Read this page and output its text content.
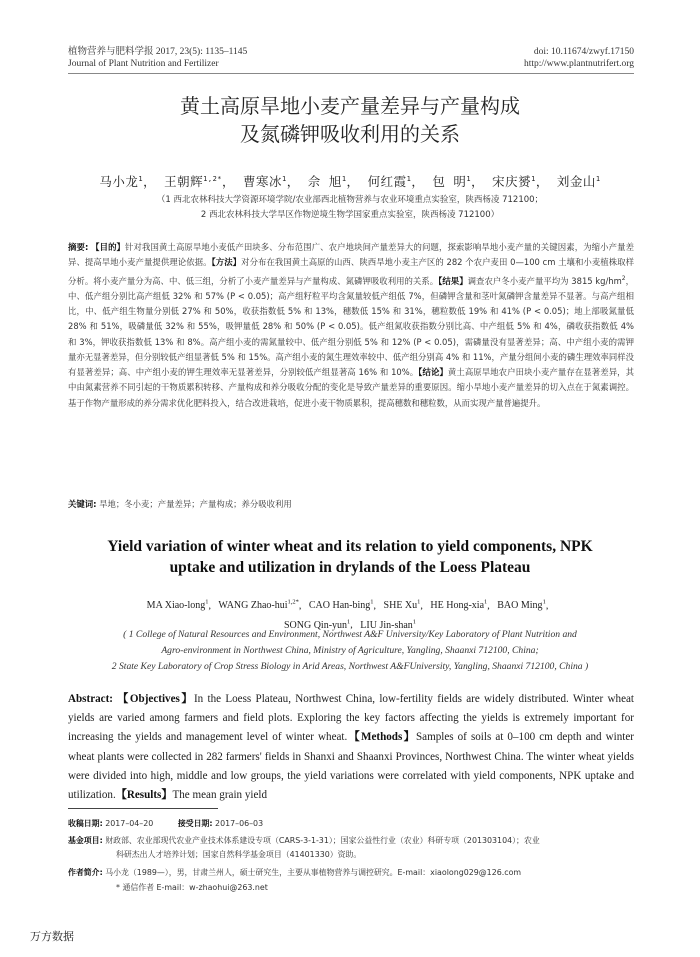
植物营养与肥料学报 2017, 23(5): 1135–1145
Journal of Plant Nutrition and Fertilizer
doi: 10.11674/zwyf.17150
http://www.plantnutrifert.org
黄土高原旱地小麦产量差异与产量构成
及氮磷钾吸收利用的关系
马小龙$^1$， 王朝辉$^{1,2*}$， 曹寒冰$^1$， 佘 旭$^1$， 何红霞$^1$， 包 明$^1$， 宋庆赟$^1$， 刘金山$^1$
（1 西北农林科技大学资源环境学院/农业部西北植物营养与农业环境重点实验室，陕西杨凌 712100；
2 西北农林科技大学旱区作物逆境生物学国家重点实验室，陕西杨凌 712100）
摘要: 【目的】针对我国黄土高原旱地小麦低产田块多、分布范围广、农户地块间产量差异大的问题，探索影响旱地小麦产量的关键因素，为缩小产量差异、提高旱地小麦产量提供理论依据。【方法】对分布在我国黄土高原的山西、陕西旱地小麦主产区的 282 个农户麦田 0—100 cm 土壤和小麦植株取样分析。将小麦产量分为高、中、低三组，分析了小麦产量差异与产量构成、氮磷钾吸收利用的关系。【结果】调查农户冬小麦产量平均为 3815 $kg/hm^2$，中、低产组分别比高产组低 32% 和 57% (P < 0.05)；高产组籽粒平均含氮量较低产组低 7%，但磷钾含量和茎叶氮磷钾含量差异不显著。与高产组相比，中、低产组生物量分别低 27% 和 50%，收获指数低 5% 和 13%，穗数低 15% 和 31%，穗粒数低 19% 和 41% (P < 0.05)；地上部吸氮量低 28% 和 51%，吸磷量低 32% 和 55%，吸钾量低 28% 和 50% (P < 0.05)。低产组氮收获指数分别比高、中产组低 5% 和 4%，磷收获指数低 4% 和 3%，钾收获指数低 13% 和 8%。高产组小麦的需氮量较中、低产组分别低 5% 和 12% (P < 0.05)，需磷量没有显著差异；高、中产组小麦的需钾量亦无显著差异，但分别较低产组显著低 5% 和 15%。高产组小麦的氮生理效率较中、低产组分别高 4% 和 11%，产量分组间小麦的磷生理效率同样没有显著差异；高、中产组小麦的钾生理效率无显著差异，分别较低产组显著高 16% 和 10%。【结论】黄土高原旱地农户田块小麦产量存在显著差异，其中由氮素营养不同引起的干物质累积转移、产量构成和养分吸收分配的变化是导致产量差异的重要原因。缩小旱地小麦产量差异的切入点在于氮素调控。基于作物产量形成的养分需求优化肥料投入，结合改进栽培，促进小麦干物质累积，提高穗数和穗粒数，从而实现产量普遍提升。
关键词: 旱地；冬小麦；产量差异；产量构成；养分吸收利用
Yield variation of winter wheat and its relation to yield components, NPK
uptake and utilization in drylands of the Loess Plateau
MA Xiao-long$^1$,   WANG Zhao-hui$^{1,2*}$,   CAO Han-bing$^1$,   SHE Xu$^1$,   HE Hong-xia$^1$,   BAO Ming$^1$,   SONG Qin-yun$^1$,   LIU Jin-shan$^1$
( 1 College of Natural Resources and Environment, Northwest A&F University/Key Laboratory of Plant Nutrition and
Agro-environment in Northwest China, Ministry of Agriculture, Yangling, Shaanxi 712100, China;
2 State Key Laboratory of Crop Stress Biology in Arid Areas, Northwest A&FUniversity, Yangling, Shaanxi 712100, China )
Abstract: 【Objectives】In the Loess Plateau, Northwest China, low-fertility fields are widely distributed. Winter wheat yields are varied among farmers and field plots. Exploring the key factors affecting the yields is extremely important for increasing the yields and management level of winter wheat.【Methods】Samples of soils at 0–100 cm depth and winter wheat plants were collected in 282 farmers' fields in Shanxi and Shaanxi Provinces, Northwest China. The winter wheat yields were divided into high, middle and low groups, the yield variations were correlated with yield components, NPK uptake and utilization.【Results】The mean grain yield
收稿日期: 2017–04–20	接受日期: 2017–06–03
基金项目: 财政部、农业部现代农业产业技术体系建设专项（CARS-3-1-31）；国家公益性行业（农业）科研专项（201303104）；农业
科研杰出人才培养计划；国家自然科学基金项目（41401330）资助。
作者简介: 马小龙（1989—），男，甘肃兰州人，硕士研究生，主要从事植物营养与调控研究。E-mail：xiaolong029@126.com
* 通信作者 E-mail：w-zhaohui@263.net
万方数据
